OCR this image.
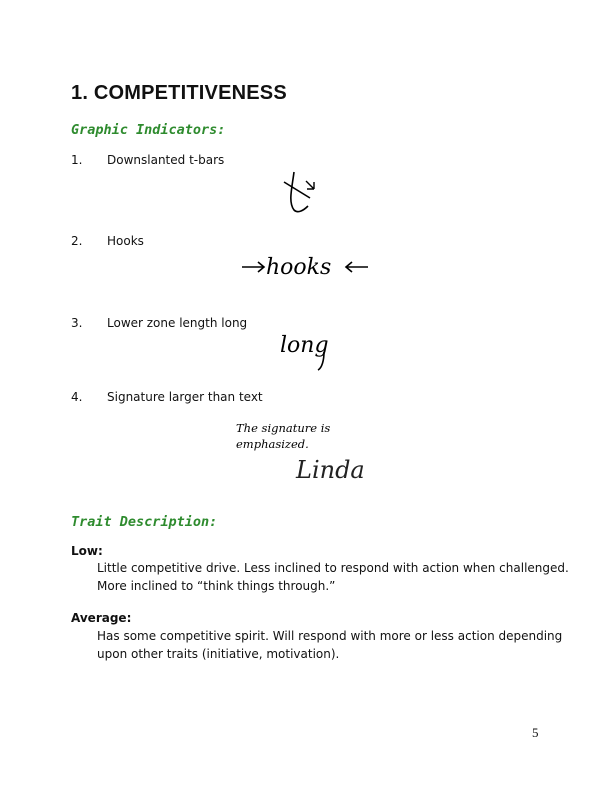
1. COMPETITIVENESS
Graphic Indicators:
1. Downslanted t-bars
2. Hooks
hooks
3. Lower zone length long
long
4. Signature larger than text
The signature is
emphasized.
Linda
Trait Description:
Low:
Little competitive drive. Less inclined to respond with action when challenged.
More inclined to “think things through.”
Average:
Has some competitive spirit. Will respond with more or less action depending
upon other traits (initiative, motivation).
5
